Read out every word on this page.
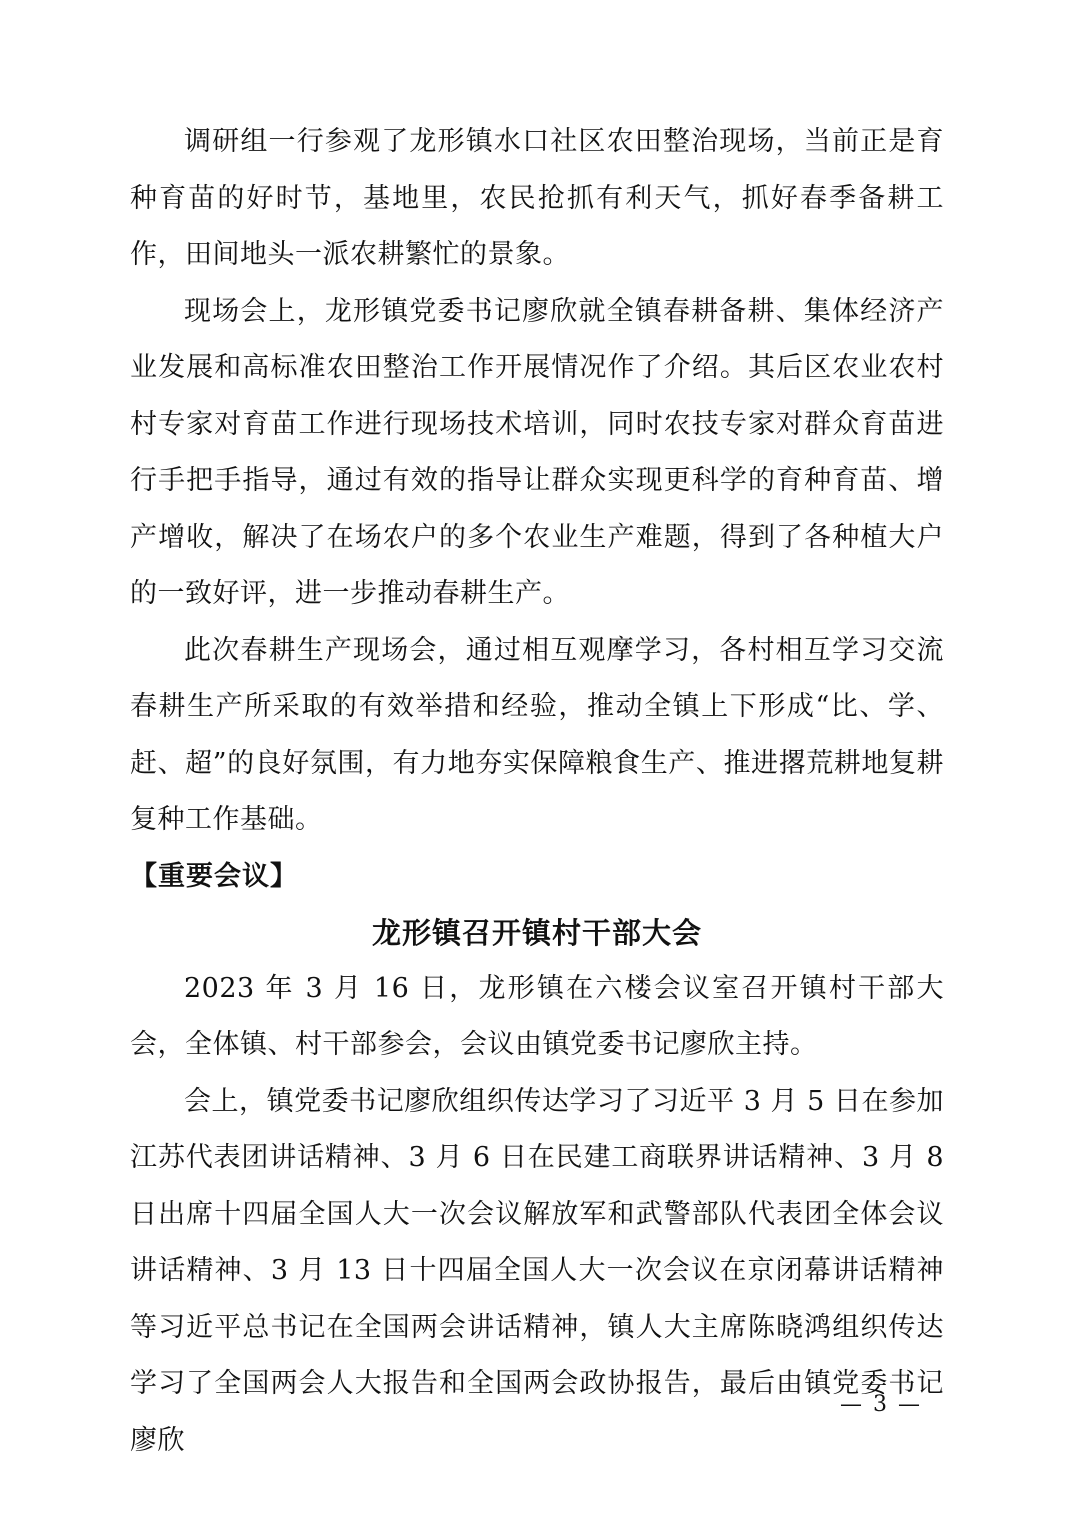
调研组一行参观了龙形镇水口社区农田整治现场，当前正是育种育苗的好时节，基地里，农民抢抓有利天气，抓好春季备耕工作，田间地头一派农耕繁忙的景象。

现场会上，龙形镇党委书记廖欣就全镇春耕备耕、集体经济产业发展和高标准农田整治工作开展情况作了介绍。其后区农业农村村专家对育苗工作进行现场技术培训，同时农技专家对群众育苗进行手把手指导，通过有效的指导让群众实现更科学的育种育苗、增产增收，解决了在场农户的多个农业生产难题，得到了各种植大户的一致好评，进一步推动春耕生产。

此次春耕生产现场会，通过相互观摩学习，各村相互学习交流春耕生产所采取的有效举措和经验，推动全镇上下形成“比、学、赶、超”的良好氛围，有力地夯实保障粮食生产、推进撂荒耕地复耕复种工作基础。

【重要会议】

龙形镇召开镇村干部大会

2023 年 3 月 16 日，龙形镇在六楼会议室召开镇村干部大会，全体镇、村干部参会，会议由镇党委书记廖欣主持。

会上，镇党委书记廖欣组织传达学习了习近平 3 月 5 日在参加江苏代表团讲话精神、3 月 6 日在民建工商联界讲话精神、3 月 8 日出席十四届全国人大一次会议解放军和武警部队代表团全体会议讲话精神、3 月 13 日十四届全国人大一次会议在京闭幕讲话精神等习近平总书记在全国两会讲话精神，镇人大主席陈晓鸿组织传达学习了全国两会人大报告和全国两会政协报告，最后由镇党委书记廖欣

— 3 —
